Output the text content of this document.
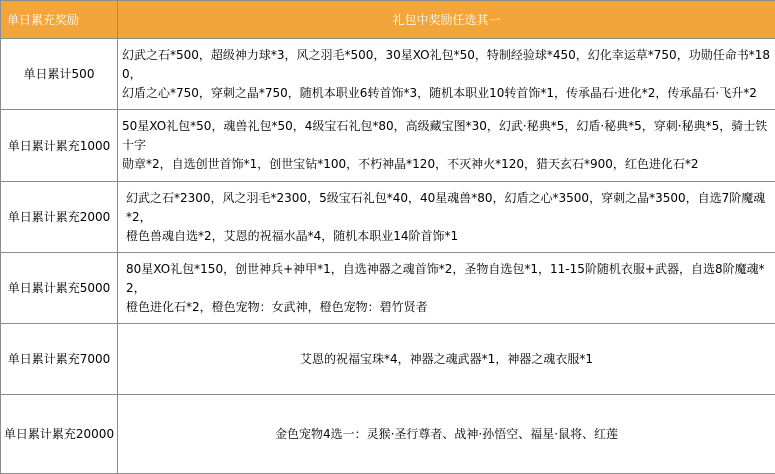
单日累充奖励	礼包中奖励任选其一
单日累计500	幻武之石*500，超级神力球*3，风之羽毛*500，30星XO礼包*50，特制经验球*450，幻化幸运草*750，功勋任命书*180，
幻盾之心*750，穿刺之晶*750，随机本职业6转首饰*3，随机本职业10转首饰*1，传承晶石·进化*2，传承晶石·飞升*2

单日累计累充1000	50星XO礼包*50，魂兽礼包*50，4级宝石礼包*80，高级藏宝图*30，幻武·秘典*5，幻盾·秘典*5，穿刺·秘典*5，骑士铁十字
勋章*2，自选创世首饰*1，创世宝钻*100，不朽神晶*120，不灭神火*120，猎天玄石*900，红色进化石*2

单日累计累充2000	幻武之石*2300，风之羽毛*2300，5级宝石礼包*40，40星魂兽*80，幻盾之心*3500，穿刺之晶*3500，自选7阶魔魂*2，
橙色兽魂自选*2，艾恩的祝福水晶*4，随机本职业14阶首饰*1

单日累计累充5000	80星XO礼包*150，创世神兵+神甲*1，自选神器之魂首饰*2，圣物自选包*1，11-15阶随机衣服+武器，自选8阶魔魂*2，
橙色进化石*2，橙色宠物：女武神，橙色宠物：碧竹贤者

单日累计累充7000	艾恩的祝福宝珠*4，神器之魂武器*1，神器之魂衣服*1

单日累计累充20000	金色宠物4选一：灵猴·圣行尊者、战神·孙悟空、福星·鼠将、红莲
